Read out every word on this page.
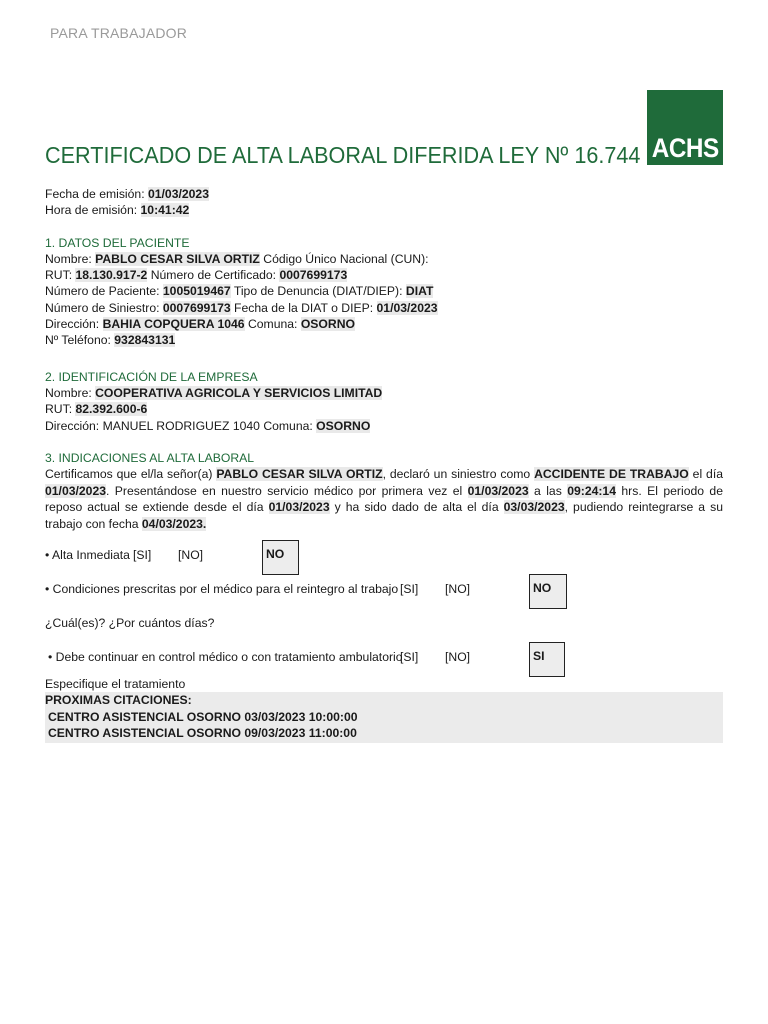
PARA TRABAJADOR
ACHS
CERTIFICADO DE ALTA LABORAL DIFERIDA LEY Nº 16.744
Fecha de emisión: 01/03/2023
Hora de emisión: 10:41:42
1. DATOS DEL PACIENTE
Nombre: PABLO CESAR SILVA ORTIZ Código Único Nacional (CUN):
RUT: 18.130.917-2 Número de Certificado: 0007699173
Número de Paciente: 1005019467 Tipo de Denuncia (DIAT/DIEP): DIAT
Número de Siniestro: 0007699173 Fecha de la DIAT o DIEP: 01/03/2023
Dirección: BAHIA COPQUERA 1046 Comuna: OSORNO
Nº Teléfono: 932843131
2. IDENTIFICACIÓN DE LA EMPRESA
Nombre: COOPERATIVA AGRICOLA Y SERVICIOS LIMITAD
RUT: 82.392.600-6
Dirección: MANUEL RODRIGUEZ 1040 Comuna: OSORNO
3. INDICACIONES AL ALTA LABORAL
Certificamos que el/la señor(a) PABLO CESAR SILVA ORTIZ, declaró un siniestro como ACCIDENTE DE TRABAJO el día 01/03/2023. Presentándose en nuestro servicio médico por primera vez el 01/03/2023 a las 09:24:14 hrs. El periodo de reposo actual se extiende desde el día 01/03/2023 y ha sido dado de alta el día 03/03/2023, pudiendo reintegrarse a su trabajo con fecha 04/03/2023.
• Alta Inmediata [SI] [NO]	NO
• Condiciones prescritas por el médico para el reintegro al trabajo [SI] [NO]	NO
¿Cuál(es)? ¿Por cuántos días?
• Debe continuar en control médico o con tratamiento ambulatorio
[SI] [NO]	SI
Especifique el tratamiento
PROXIMAS CITACIONES:
CENTRO ASISTENCIAL OSORNO 03/03/2023 10:00:00
CENTRO ASISTENCIAL OSORNO 09/03/2023 11:00:00
